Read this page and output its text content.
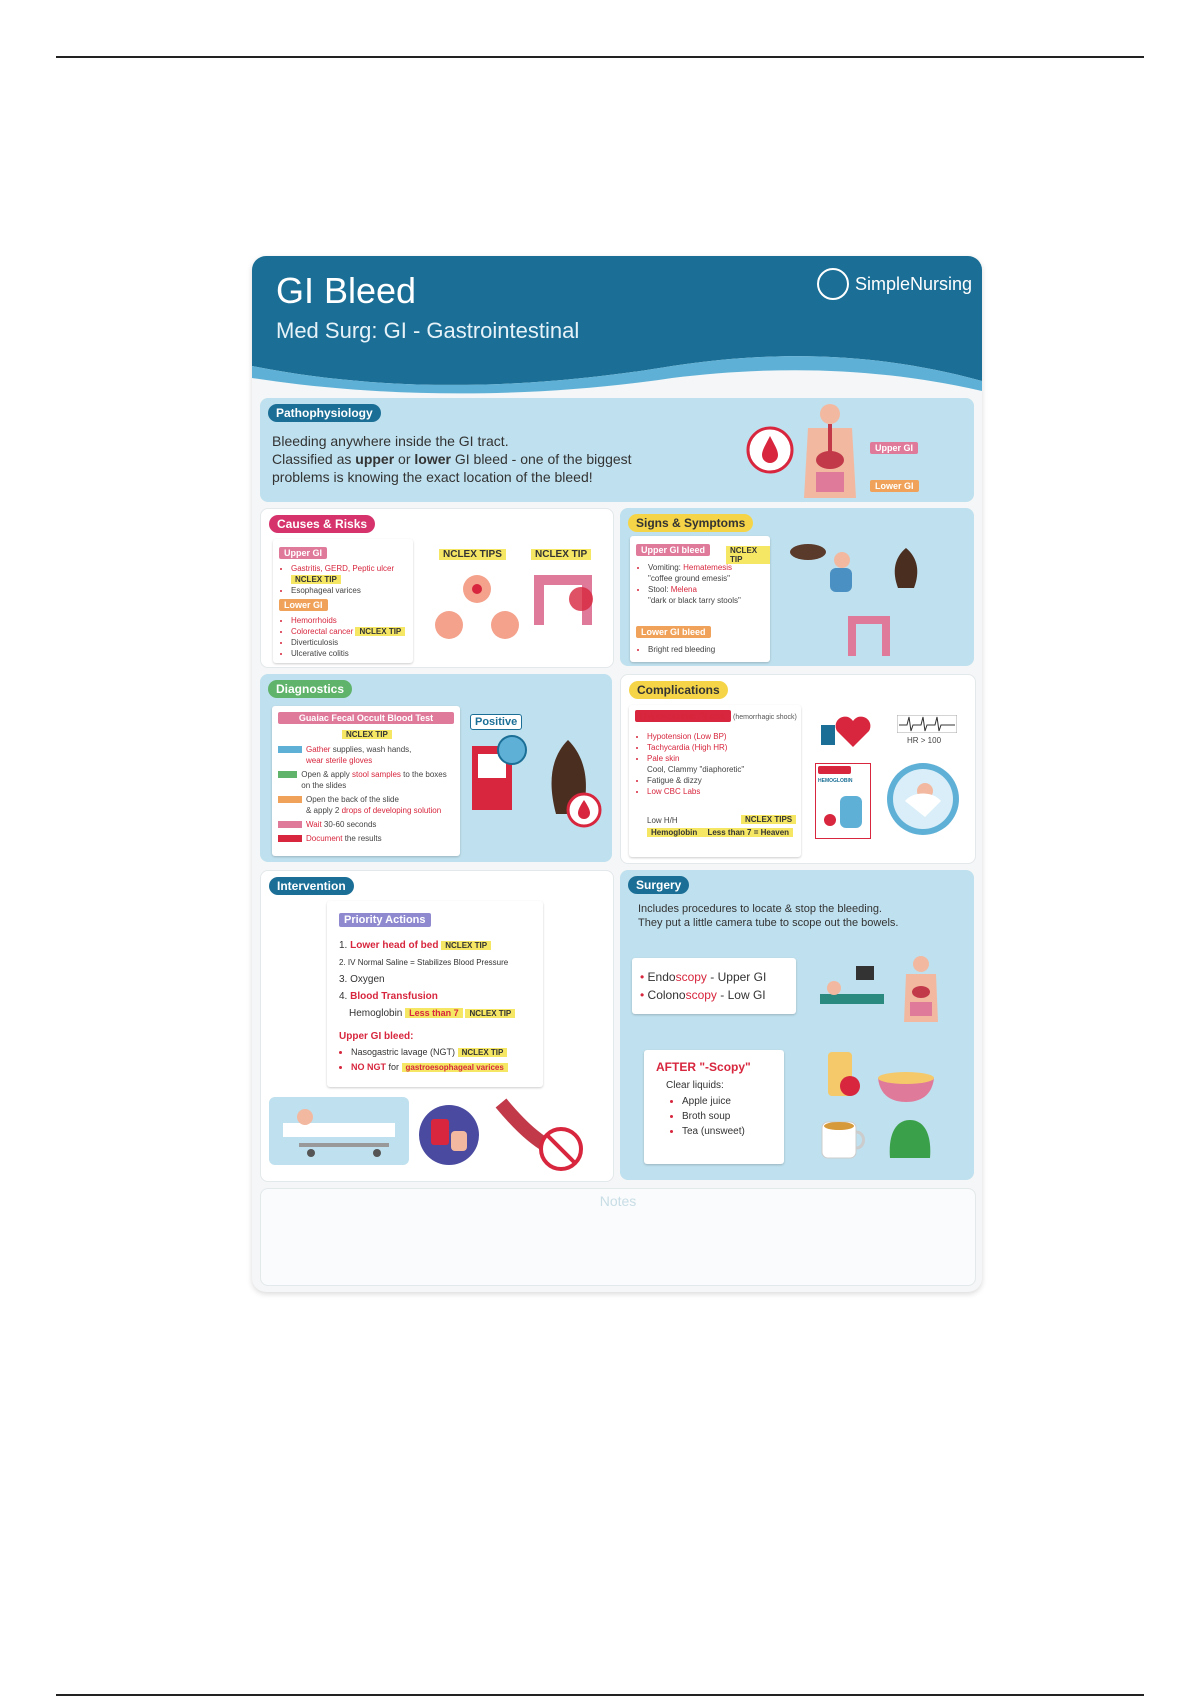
GI Bleed
Med Surg: GI - Gastrointestinal
SimpleNursing
Pathophysiology
Bleeding anywhere inside the GI tract.
Classified as upper or lower GI bleed - one of the biggest
problems is knowing the exact location of the bleed!
Upper GI
Lower GI
Causes & Risks
Upper GI
• Gastritis, GERD, Peptic ulcer NCLEX TIP
• Esophageal varices
Lower GI
• Hemorrhoids
• Colorectal cancer NCLEX TIP
• Diverticulosis
• Ulcerative colitis
NCLEX TIPS	NCLEX TIP
Signs & Symptoms
Upper GI bleed	NCLEX TIP
• Vomiting: Hematemesis
"coffee ground emesis"
• Stool: Melena
"dark or black tarry stools"
Lower GI bleed
• Bright red bleeding
Diagnostics
Guaiac Fecal Occult Blood Test
NCLEX TIP
Gather supplies, wash hands,
wear sterile gloves
Open & apply stool samples to the boxes on the slides
Open the back of the slide
& apply 2 drops of developing solution
Wait 30-60 seconds
Document the results
Positive
Complications
Hypovolemic Shock (hemorrhagic shock)
• Hypotension (Low BP)
• Tachycardia (High HR)
• Pale skin
Cool, Clammy "diaphoretic"
• Fatigue & dizzy
• Low CBC Labs
Low H/H	NCLEX TIPS
Hemoglobin Less than 7 = Heaven
HR > 100
Below 7
HEMOGLOBIN
Intervention
Priority Actions
1. Lower head of bed NCLEX TIP
2. IV Normal Saline = Stabilizes Blood Pressure
3. Oxygen
4. Blood Transfusion
Hemoglobin Less than 7 NCLEX TIP
Upper GI bleed:
• Nasogastric lavage (NGT) NCLEX TIP
• NO NGT for gastroesophageal varices
Surgery
Includes procedures to locate & stop the bleeding.
They put a little camera tube to scope out the bowels.
• Endoscopy - Upper GI
• Colonoscopy - Low GI
AFTER "-Scopy"
Clear liquids:
• Apple juice
• Broth soup
• Tea (unsweet)
Notes
